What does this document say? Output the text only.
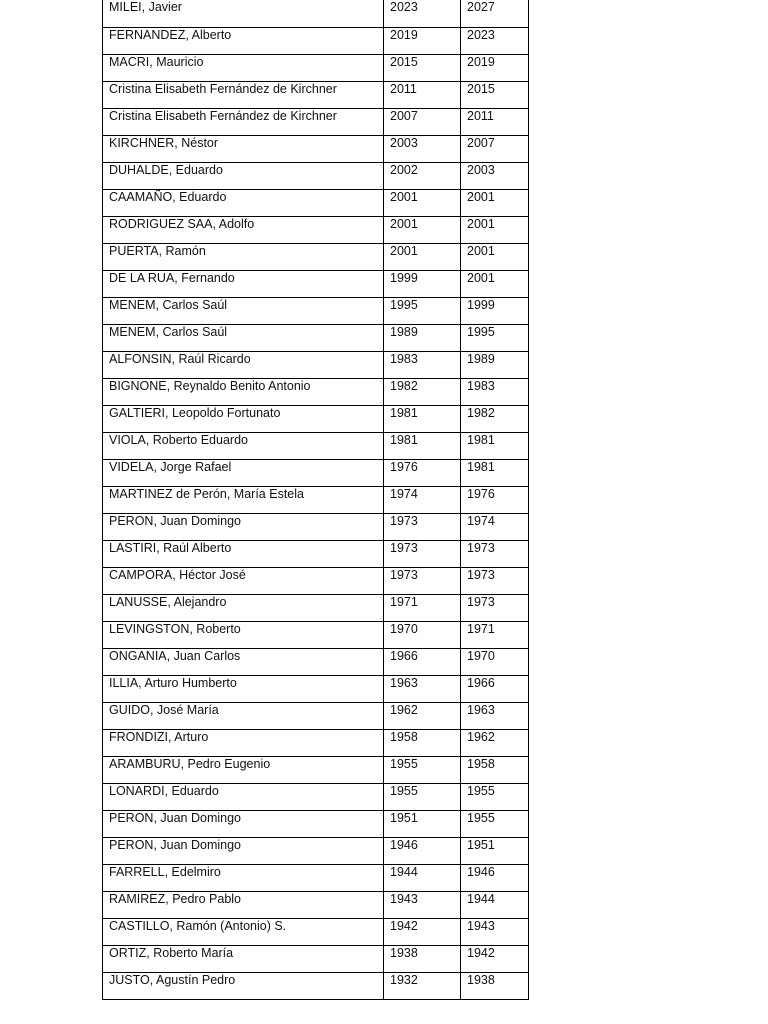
MILEI, Javier	2023	2027
FERNANDEZ, Alberto	2019	2023
MACRI, Mauricio	2015	2019
Cristina Elisabeth Fernández de Kirchner	2011	2015
Cristina Elisabeth Fernández de Kirchner	2007	2011
KIRCHNER, Néstor	2003	2007
DUHALDE, Eduardo	2002	2003
CAAMAÑO, Eduardo	2001	2001
RODRIGUEZ SAA, Adolfo	2001	2001
PUERTA, Ramón	2001	2001
DE LA RUA, Fernando	1999	2001
MENEM, Carlos Saúl	1995	1999
MENEM, Carlos Saúl	1989	1995
ALFONSIN, Raúl Ricardo	1983	1989
BIGNONE, Reynaldo Benito Antonio	1982	1983
GALTIERI, Leopoldo Fortunato	1981	1982
VIOLA, Roberto Eduardo	1981	1981
VIDELA, Jorge Rafael	1976	1981
MARTINEZ de Perón, María Estela	1974	1976
PERON, Juan Domingo	1973	1974
LASTIRI, Raúl Alberto	1973	1973
CAMPORA, Héctor José	1973	1973
LANUSSE, Alejandro	1971	1973
LEVINGSTON, Roberto	1970	1971
ONGANIA, Juan Carlos	1966	1970
ILLIA, Arturo Humberto	1963	1966
GUIDO, José María	1962	1963
FRONDIZI, Arturo	1958	1962
ARAMBURU, Pedro Eugenio	1955	1958
LONARDI, Eduardo	1955	1955
PERON, Juan Domingo	1951	1955
PERON, Juan Domingo	1946	1951
FARRELL, Edelmiro	1944	1946
RAMIREZ, Pedro Pablo	1943	1944
CASTILLO, Ramón (Antonio) S.	1942	1943
ORTIZ, Roberto María	1938	1942
JUSTO, Agustín Pedro	1932	1938
